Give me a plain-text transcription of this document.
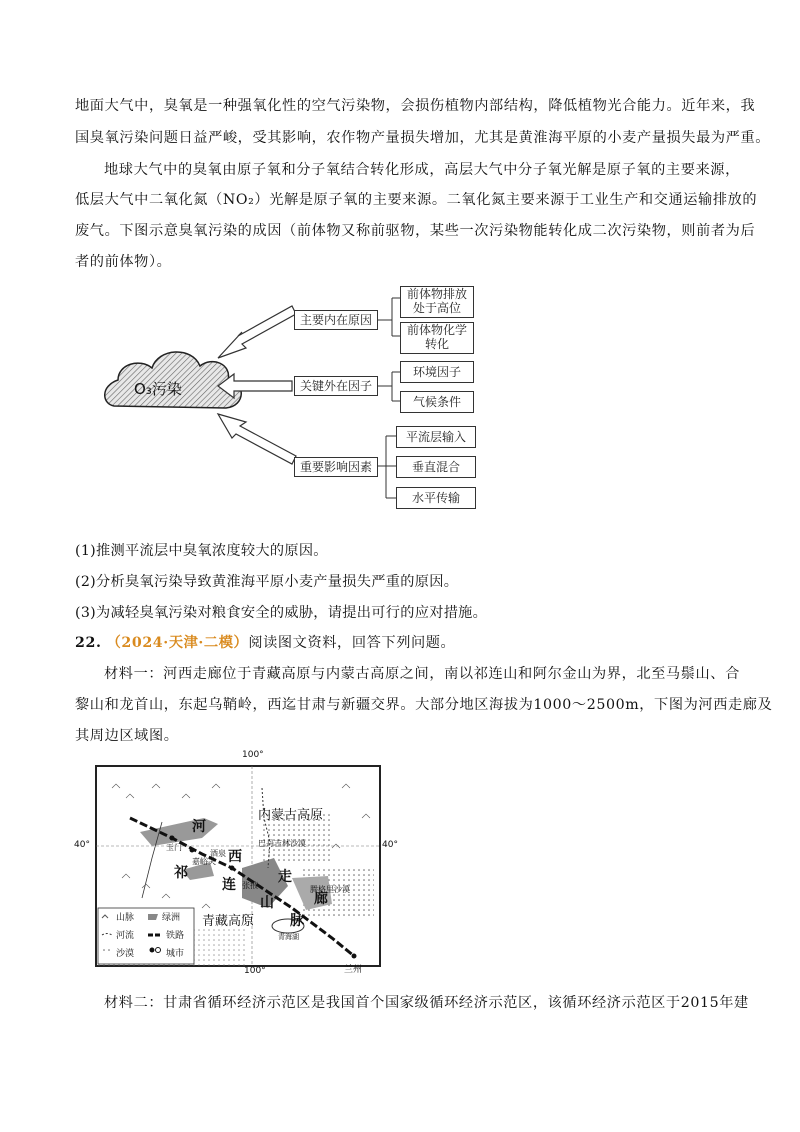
地面大气中，臭氧是一种强氧化性的空气污染物，会损伤植物内部结构，降低植物光合能力。近年来，我
国臭氧污染问题日益严峻，受其影响，农作物产量损失增加，尤其是黄淮海平原的小麦产量损失最为严重。
地球大气中的臭氧由原子氧和分子氧结合转化形成，高层大气中分子氧光解是原子氧的主要来源，
低层大气中二氧化氮（NO₂）光解是原子氧的主要来源。二氧化氮主要来源于工业生产和交通运输排放的
废气。下图示意臭氧污染的成因（前体物又称前驱物，某些一次污染物能转化成二次污染物，则前者为后
者的前体物）。
O₃污染
主要内在原因
关键外在因子
重要影响因素
前体物排放
处于高位
前体物化学
转化
环境因子
气候条件
平流层输入
垂直混合
水平传输
(1)推测平流层中臭氧浓度较大的原因。
(2)分析臭氧污染导致黄淮海平原小麦产量损失严重的原因。
(3)为减轻臭氧污染对粮食安全的威胁，请提出可行的应对措施。
22. （2024·天津·二模）阅读图文资料，回答下列问题。
材料一：河西走廊位于青藏高原与内蒙古高原之间，南以祁连山和阿尔金山为界，北至马鬃山、合
黎山和龙首山，东起乌鞘岭，西迄甘肃与新疆交界。大部分地区海拔为1000～2500m，下图为河西走廊及
其周边区域图。
100°
100°
40°	40°
内蒙古高原
青藏高原
河
西
走
廊
祁
连
山
脉
玉门
酒泉
嘉峪关
张掖
巴丹吉林沙漠
腾格里沙漠
兰州
青海湖
山脉	绿洲
河流	铁路
沙漠	城市
材料二：甘肃省循环经济示范区是我国首个国家级循环经济示范区，该循环经济示范区于2015年建
